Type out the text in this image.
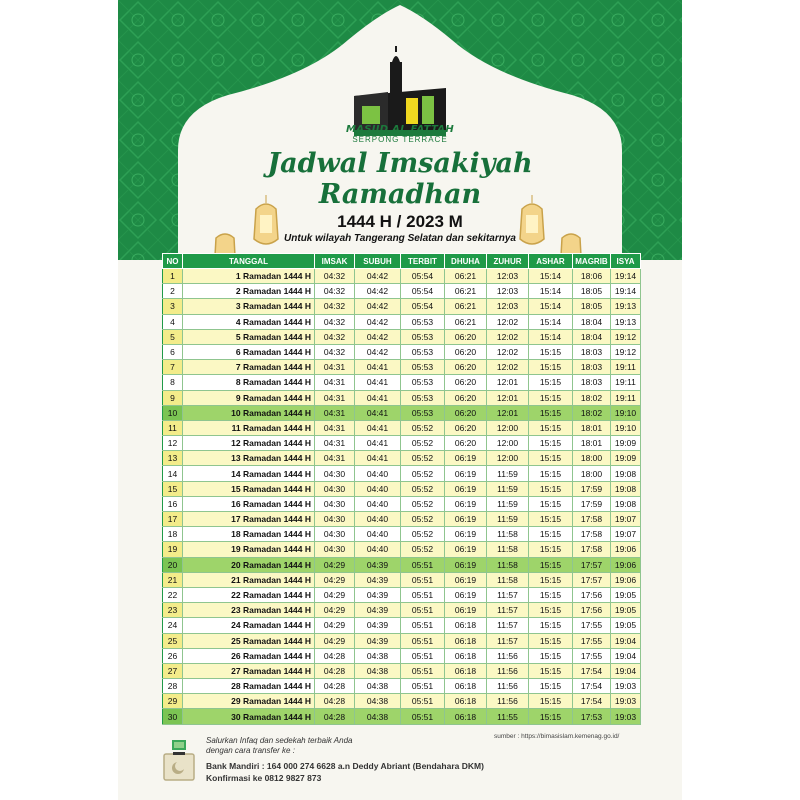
MASJID AL FATTAH
SERPONG TERRACE
Jadwal Imsakiyah
Ramadhan
1444 H / 2023 M
Untuk wilayah Tangerang Selatan dan sekitarnya
NO	TANGGAL	IMSAK	SUBUH	TERBIT	DHUHA	ZUHUR	ASHAR	MAGRIB	ISYA
1	1 Ramadan 1444 H	04:32	04:42	05:54	06:21	12:03	15:14	18:06	19:14
2	2 Ramadan 1444 H	04:32	04:42	05:54	06:21	12:03	15:14	18:05	19:14
3	3 Ramadan 1444 H	04:32	04:42	05:54	06:21	12:03	15:14	18:05	19:13
4	4 Ramadan 1444 H	04:32	04:42	05:53	06:21	12:02	15:14	18:04	19:13
5	5 Ramadan 1444 H	04:32	04:42	05:53	06:20	12:02	15:14	18:04	19:12
6	6 Ramadan 1444 H	04:32	04:42	05:53	06:20	12:02	15:15	18:03	19:12
7	7 Ramadan 1444 H	04:31	04:41	05:53	06:20	12:02	15:15	18:03	19:11
8	8 Ramadan 1444 H	04:31	04:41	05:53	06:20	12:01	15:15	18:03	19:11
9	9 Ramadan 1444 H	04:31	04:41	05:53	06:20	12:01	15:15	18:02	19:11
10	10 Ramadan 1444 H	04:31	04:41	05:53	06:20	12:01	15:15	18:02	19:10
11	11 Ramadan 1444 H	04:31	04:41	05:52	06:20	12:00	15:15	18:01	19:10
12	12 Ramadan 1444 H	04:31	04:41	05:52	06:20	12:00	15:15	18:01	19:09
13	13 Ramadan 1444 H	04:31	04:41	05:52	06:19	12:00	15:15	18:00	19:09
14	14 Ramadan 1444 H	04:30	04:40	05:52	06:19	11:59	15:15	18:00	19:08
15	15 Ramadan 1444 H	04:30	04:40	05:52	06:19	11:59	15:15	17:59	19:08
16	16 Ramadan 1444 H	04:30	04:40	05:52	06:19	11:59	15:15	17:59	19:08
17	17 Ramadan 1444 H	04:30	04:40	05:52	06:19	11:59	15:15	17:58	19:07
18	18 Ramadan 1444 H	04:30	04:40	05:52	06:19	11:58	15:15	17:58	19:07
19	19 Ramadan 1444 H	04:30	04:40	05:52	06:19	11:58	15:15	17:58	19:06
20	20 Ramadan 1444 H	04:29	04:39	05:51	06:19	11:58	15:15	17:57	19:06
21	21 Ramadan 1444 H	04:29	04:39	05:51	06:19	11:58	15:15	17:57	19:06
22	22 Ramadan 1444 H	04:29	04:39	05:51	06:19	11:57	15:15	17:56	19:05
23	23 Ramadan 1444 H	04:29	04:39	05:51	06:19	11:57	15:15	17:56	19:05
24	24 Ramadan 1444 H	04:29	04:39	05:51	06:18	11:57	15:15	17:55	19:05
25	25 Ramadan 1444 H	04:29	04:39	05:51	06:18	11:57	15:15	17:55	19:04
26	26 Ramadan 1444 H	04:28	04:38	05:51	06:18	11:56	15:15	17:55	19:04
27	27 Ramadan 1444 H	04:28	04:38	05:51	06:18	11:56	15:15	17:54	19:04
28	28 Ramadan 1444 H	04:28	04:38	05:51	06:18	11:56	15:15	17:54	19:03
29	29 Ramadan 1444 H	04:28	04:38	05:51	06:18	11:56	15:15	17:54	19:03
30	30 Ramadan 1444 H	04:28	04:38	05:51	06:18	11:55	15:15	17:53	19:03
sumber : https://bimasislam.kemenag.go.id/
Salurkan Infaq dan sedekah terbaik Anda
dengan cara transfer ke :
Bank Mandiri : 164 000 274 6628 a.n Deddy Abriant (Bendahara DKM)
Konfirmasi ke 0812 9827 873
